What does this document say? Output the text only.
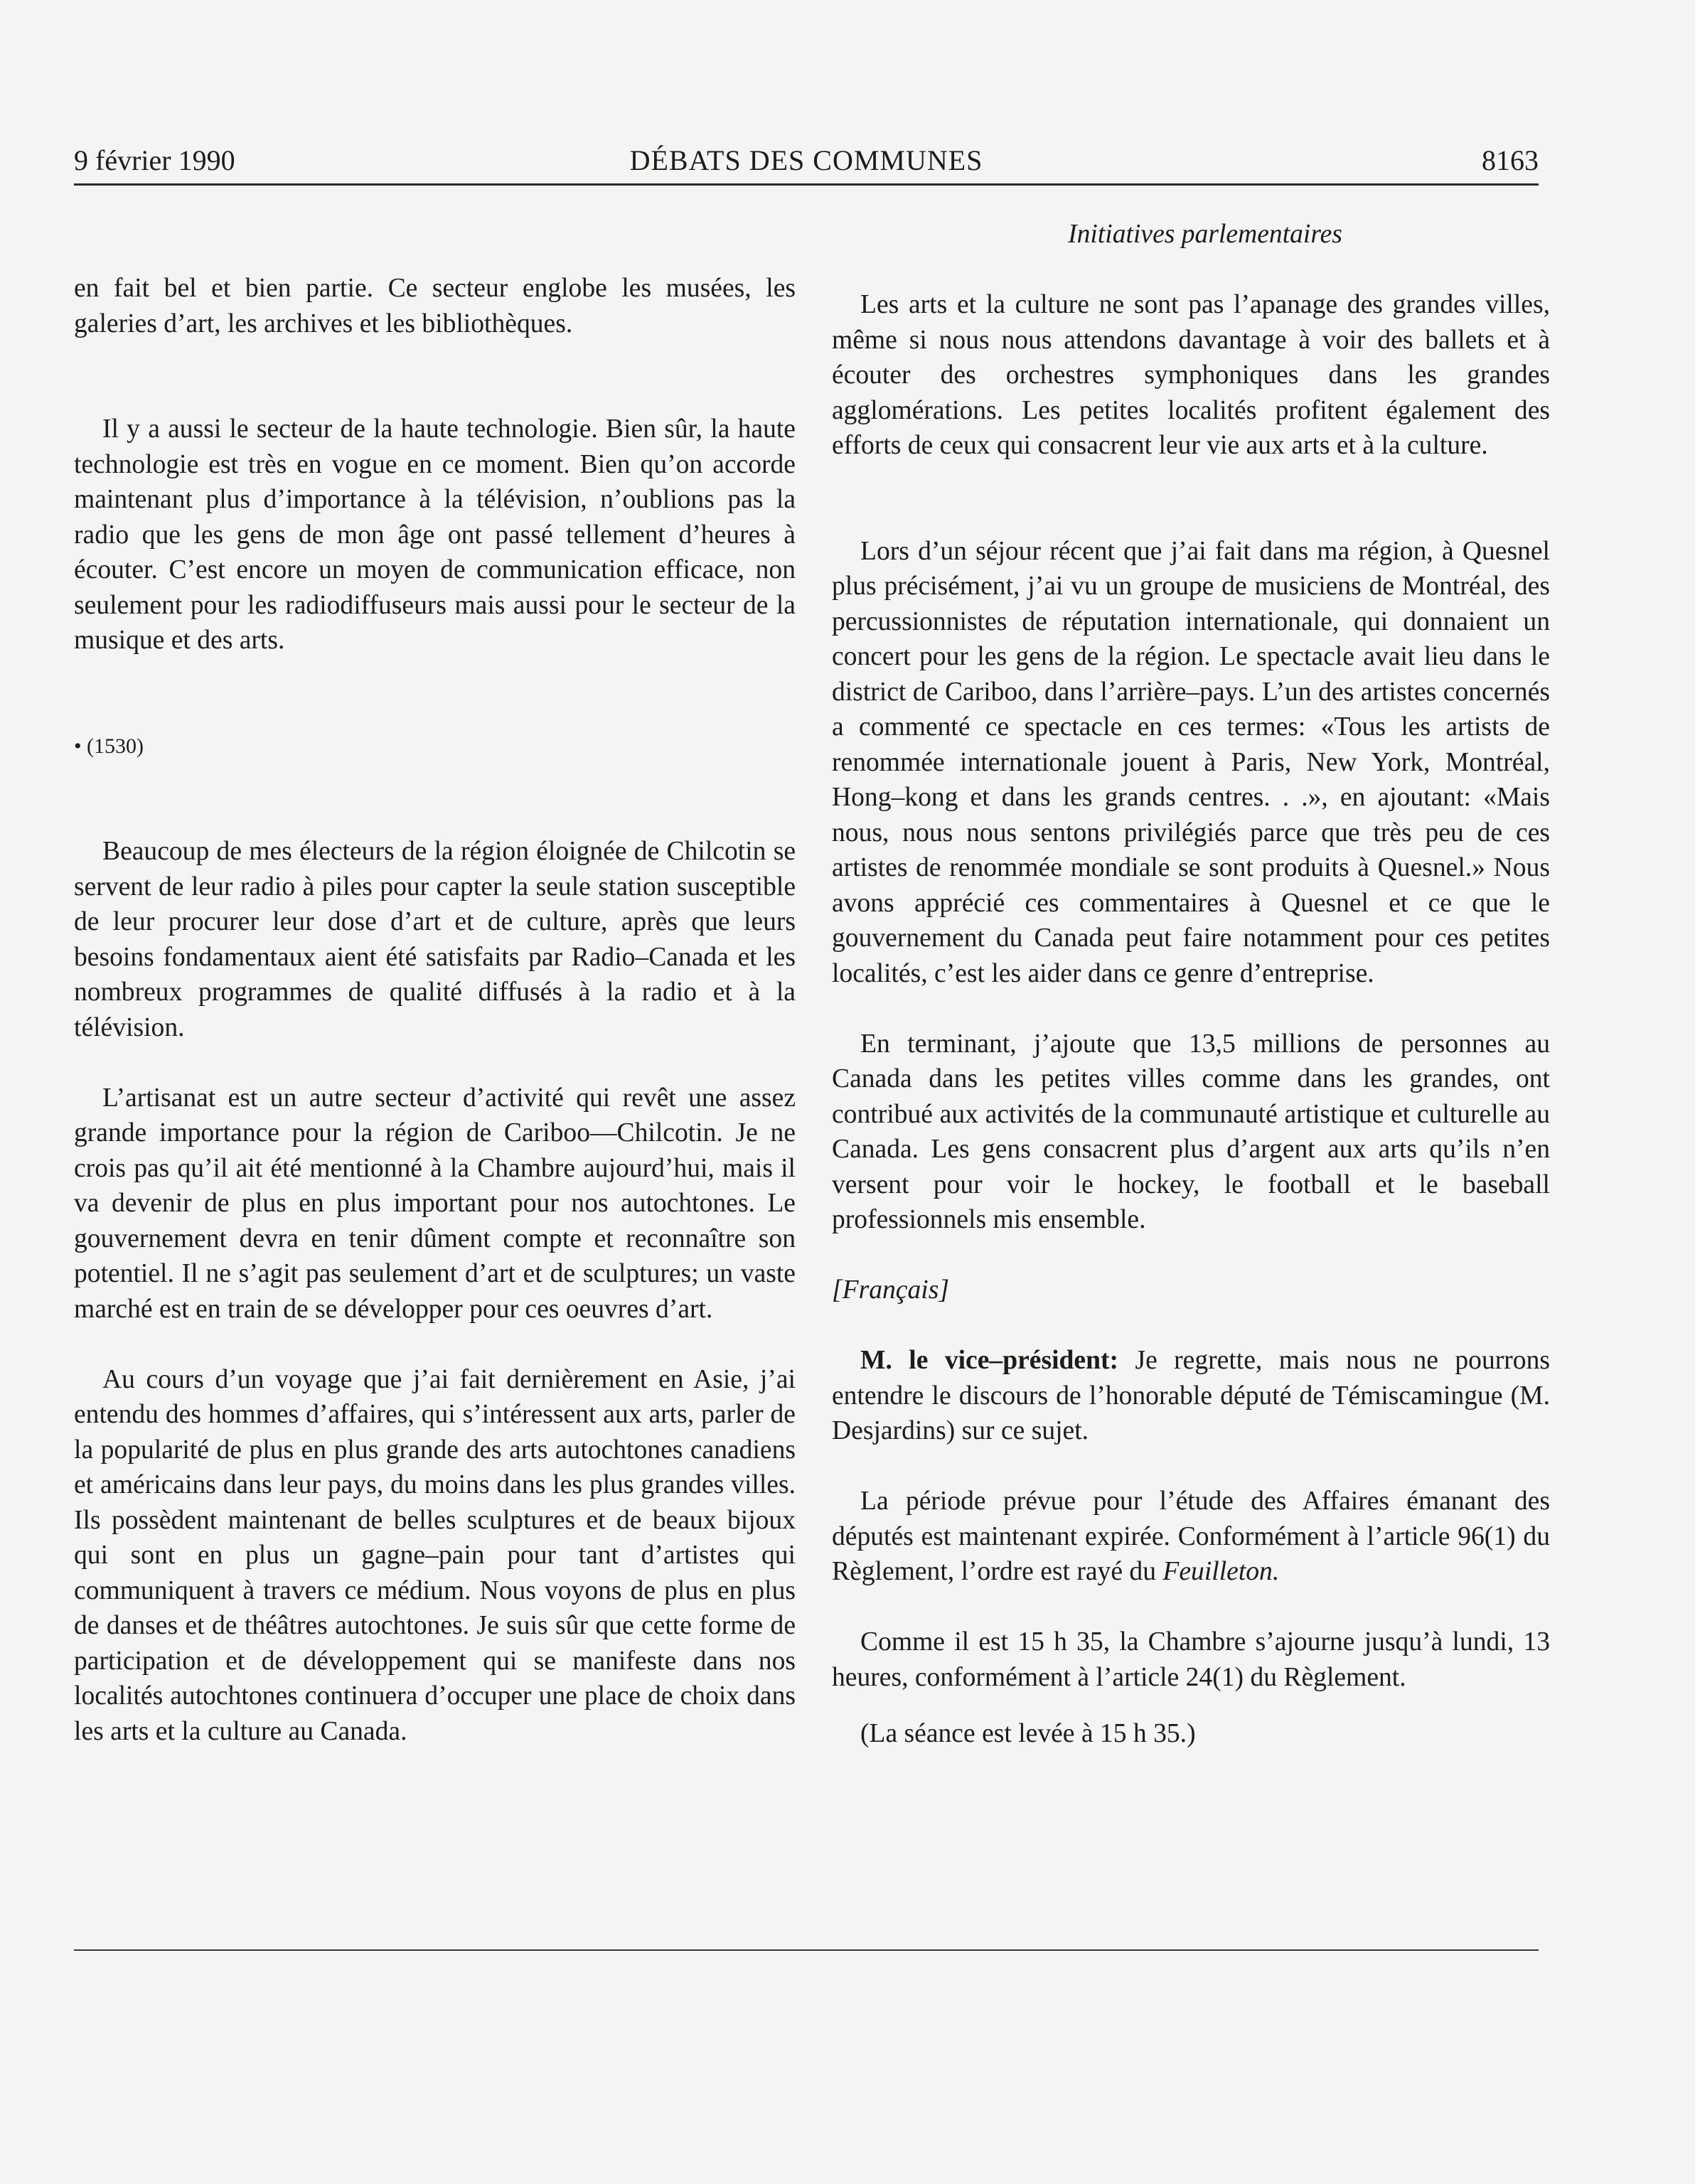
9 février 1990	DÉBATS DES COMMUNES	8163

en fait bel et bien partie. Ce secteur englobe les musées, les galeries d’art, les archives et les bibliothèques.

Il y a aussi le secteur de la haute technologie. Bien sûr, la haute technologie est très en vogue en ce moment. Bien qu’on accorde maintenant plus d’importance à la télévision, n’oublions pas la radio que les gens de mon âge ont passé tellement d’heures à écouter. C’est encore un moyen de communication efficace, non seulement pour les radiodiffuseurs mais aussi pour le secteur de la musique et des arts.

• (1530)

Beaucoup de mes électeurs de la région éloignée de Chilcotin se servent de leur radio à piles pour capter la seule station susceptible de leur procurer leur dose d’art et de culture, après que leurs besoins fondamentaux aient été satisfaits par Radio–Canada et les nombreux programmes de qualité diffusés à la radio et à la télévision.

L’artisanat est un autre secteur d’activité qui revêt une assez grande importance pour la région de Cariboo—Chilcotin. Je ne crois pas qu’il ait été mentionné à la Chambre aujourd’hui, mais il va devenir de plus en plus important pour nos autochtones. Le gouvernement devra en tenir dûment compte et reconnaître son potentiel. Il ne s’agit pas seulement d’art et de sculptures; un vaste marché est en train de se développer pour ces oeuvres d’art.

Au cours d’un voyage que j’ai fait dernièrement en Asie, j’ai entendu des hommes d’affaires, qui s’intéressent aux arts, parler de la popularité de plus en plus grande des arts autochtones canadiens et américains dans leur pays, du moins dans les plus grandes villes. Ils possèdent maintenant de belles sculptures et de beaux bijoux qui sont en plus un gagne–pain pour tant d’artistes qui communiquent à travers ce médium. Nous voyons de plus en plus de danses et de théâtres autochtones. Je suis sûr que cette forme de participation et de développement qui se manifeste dans nos localités autochtones continuera d’occuper une place de choix dans les arts et la culture au Canada.

Initiatives parlementaires

Les arts et la culture ne sont pas l’apanage des grandes villes, même si nous nous attendons davantage à voir des ballets et à écouter des orchestres symphoniques dans les grandes agglomérations. Les petites localités profitent également des efforts de ceux qui consacrent leur vie aux arts et à la culture.

Lors d’un séjour récent que j’ai fait dans ma région, à Quesnel plus précisément, j’ai vu un groupe de musiciens de Montréal, des percussionnistes de réputation internationale, qui donnaient un concert pour les gens de la région. Le spectacle avait lieu dans le district de Cariboo, dans l’arrière–pays. L’un des artistes concernés a commenté ce spectacle en ces termes: «Tous les artists de renommée internationale jouent à Paris, New York, Montréal, Hong–kong et dans les grands centres. . .», en ajoutant: «Mais nous, nous nous sentons privilégiés parce que très peu de ces artistes de renommée mondiale se sont produits à Quesnel.» Nous avons apprécié ces commentaires à Quesnel et ce que le gouvernement du Canada peut faire notamment pour ces petites localités, c’est les aider dans ce genre d’entreprise.

En terminant, j’ajoute que 13,5 millions de personnes au Canada dans les petites villes comme dans les grandes, ont contribué aux activités de la communauté artistique et culturelle au Canada. Les gens consacrent plus d’argent aux arts qu’ils n’en versent pour voir le hockey, le football et le baseball professionnels mis ensemble.

[Français]

M. le vice–président: Je regrette, mais nous ne pourrons entendre le discours de l’honorable député de Témiscamingue (M. Desjardins) sur ce sujet.

La période prévue pour l’étude des Affaires émanant des députés est maintenant expirée. Conformément à l’article 96(1) du Règlement, l’ordre est rayé du Feuilleton.

Comme il est 15 h 35, la Chambre s’ajourne jusqu’à lundi, 13 heures, conformément à l’article 24(1) du Règlement.

(La séance est levée à 15 h 35.)
